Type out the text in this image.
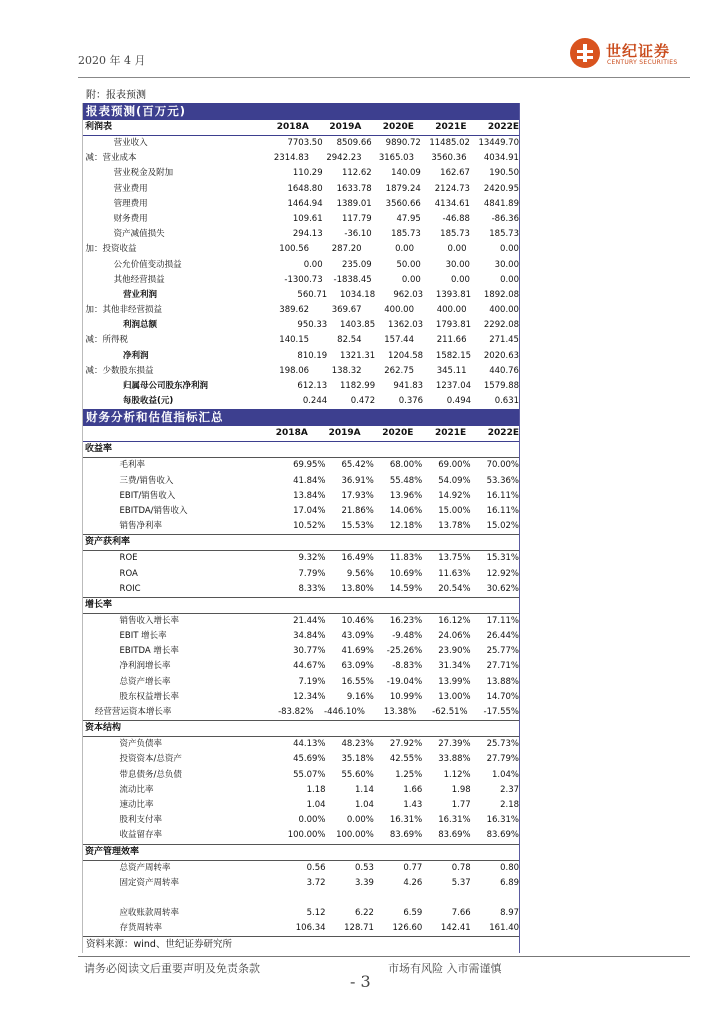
2020 年 4 月
世纪证券
CENTURY SECURITIES
附：报表预测
报表预测(百万元)
利润表	2018A	2019A	2020E	2021E	2022E
营业收入	7703.50	8509.66	9890.72	11485.02	13449.70
减：营业成本	2314.83	2942.23	3165.03	3560.36	4034.91
营业税金及附加	110.29	112.62	140.09	162.67	190.50
营业费用	1648.80	1633.78	1879.24	2124.73	2420.95
管理费用	1464.94	1389.01	3560.66	4134.61	4841.89
财务费用	109.61	117.79	47.95	-46.88	-86.36
资产减值损失	294.13	-36.10	185.73	185.73	185.73
加：投资收益	100.56	287.20	0.00	0.00	0.00
公允价值变动损益	0.00	235.09	50.00	30.00	30.00
其他经营损益	-1300.73	-1838.45	0.00	0.00	0.00
营业利润	560.71	1034.18	962.03	1393.81	1892.08
加：其他非经营损益	389.62	369.67	400.00	400.00	400.00
利润总额	950.33	1403.85	1362.03	1793.81	2292.08
减：所得税	140.15	82.54	157.44	211.66	271.45
净利润	810.19	1321.31	1204.58	1582.15	2020.63
减：少数股东损益	198.06	138.32	262.75	345.11	440.76
归属母公司股东净利润	612.13	1182.99	941.83	1237.04	1579.88
每股收益(元)	0.244	0.472	0.376	0.494	0.631
财务分析和估值指标汇总
2018A	2019A	2020E	2021E	2022E
收益率
毛利率	69.95%	65.42%	68.00%	69.00%	70.00%
三费/销售收入	41.84%	36.91%	55.48%	54.09%	53.36%
EBIT/销售收入	13.84%	17.93%	13.96%	14.92%	16.11%
EBITDA/销售收入	17.04%	21.86%	14.06%	15.00%	16.11%
销售净利率	10.52%	15.53%	12.18%	13.78%	15.02%
资产获利率
ROE	9.32%	16.49%	11.83%	13.75%	15.31%
ROA	7.79%	9.56%	10.69%	11.63%	12.92%
ROIC	8.33%	13.80%	14.59%	20.54%	30.62%
增长率
销售收入增长率	21.44%	10.46%	16.23%	16.12%	17.11%
EBIT 增长率	34.84%	43.09%	-9.48%	24.06%	26.44%
EBITDA 增长率	30.77%	41.69%	-25.26%	23.90%	25.77%
净利润增长率	44.67%	63.09%	-8.83%	31.34%	27.71%
总资产增长率	7.19%	16.55%	-19.04%	13.99%	13.88%
股东权益增长率	12.34%	9.16%	10.99%	13.00%	14.70%
经营营运资本增长率	-83.82%	-446.10%	13.38%	-62.51%	-17.55%
资本结构
资产负债率	44.13%	48.23%	27.92%	27.39%	25.73%
投资资本/总资产	45.69%	35.18%	42.55%	33.88%	27.79%
带息债务/总负债	55.07%	55.60%	1.25%	1.12%	1.04%
流动比率	1.18	1.14	1.66	1.98	2.37
速动比率	1.04	1.04	1.43	1.77	2.18
股利支付率	0.00%	0.00%	16.31%	16.31%	16.31%
收益留存率	100.00%	100.00%	83.69%	83.69%	83.69%
资产管理效率
总资产周转率	0.56	0.53	0.77	0.78	0.80
固定资产周转率	3.72	3.39	4.26	5.37	6.89
应收账款周转率	5.12	6.22	6.59	7.66	8.97
存货周转率	106.34	128.71	126.60	142.41	161.40
资料来源：wind、世纪证券研究所
请务必阅读文后重要声明及免责条款	市场有风险 入市需谨慎
- 3
